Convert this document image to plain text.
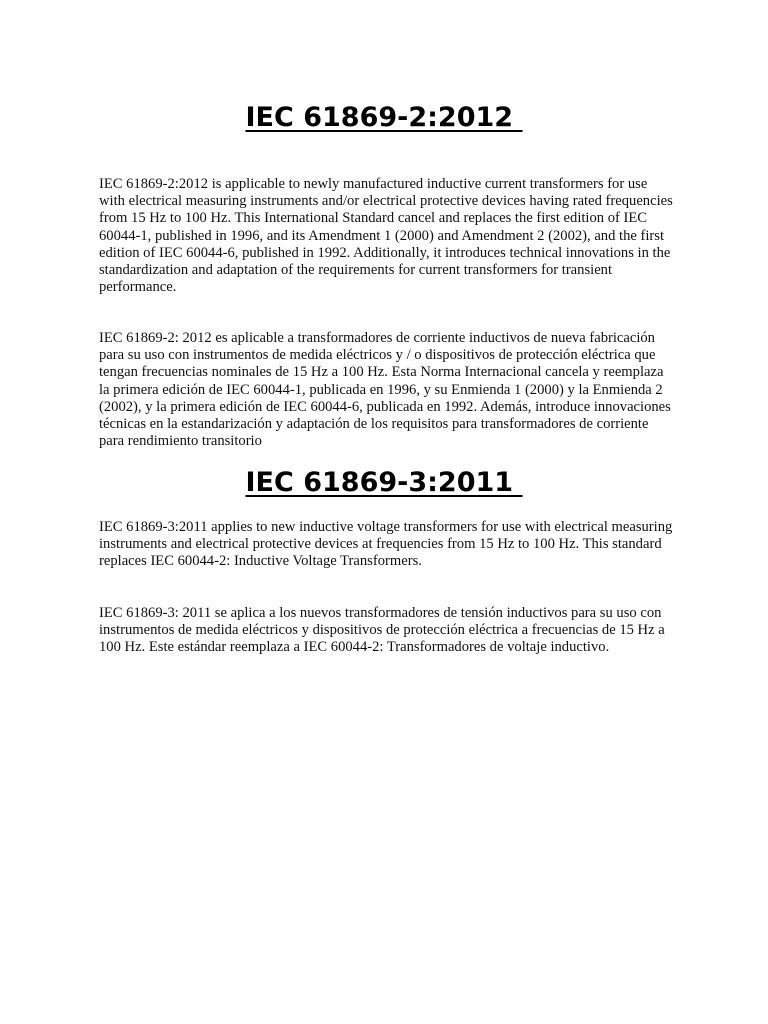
IEC 61869-2:2012

IEC 61869-2:2012 is applicable to newly manufactured inductive current transformers for use with electrical measuring instruments and/or electrical protective devices having rated frequencies from 15 Hz to 100 Hz. This International Standard cancel and replaces the first edition of IEC 60044-1, published in 1996, and its Amendment 1 (2000) and Amendment 2 (2002), and the first edition of IEC 60044-6, published in 1992. Additionally, it introduces technical innovations in the standardization and adaptation of the requirements for current transformers for transient performance.

IEC 61869-2: 2012 es aplicable a transformadores de corriente inductivos de nueva fabricación para su uso con instrumentos de medida eléctricos y / o dispositivos de protección eléctrica que tengan frecuencias nominales de 15 Hz a 100 Hz. Esta Norma Internacional cancela y reemplaza la primera edición de IEC 60044-1, publicada en 1996, y su Enmienda 1 (2000) y la Enmienda 2 (2002), y la primera edición de IEC 60044-6, publicada en 1992. Además, introduce innovaciones técnicas en la estandarización y adaptación de los requisitos para transformadores de corriente para rendimiento transitorio

IEC 61869-3:2011

IEC 61869-3:2011 applies to new inductive voltage transformers for use with electrical measuring instruments and electrical protective devices at frequencies from 15 Hz to 100 Hz. This standard replaces IEC 60044-2: Inductive Voltage Transformers.

IEC 61869-3: 2011 se aplica a los nuevos transformadores de tensión inductivos para su uso con instrumentos de medida eléctricos y dispositivos de protección eléctrica a frecuencias de 15 Hz a 100 Hz. Este estándar reemplaza a IEC 60044-2: Transformadores de voltaje inductivo.
